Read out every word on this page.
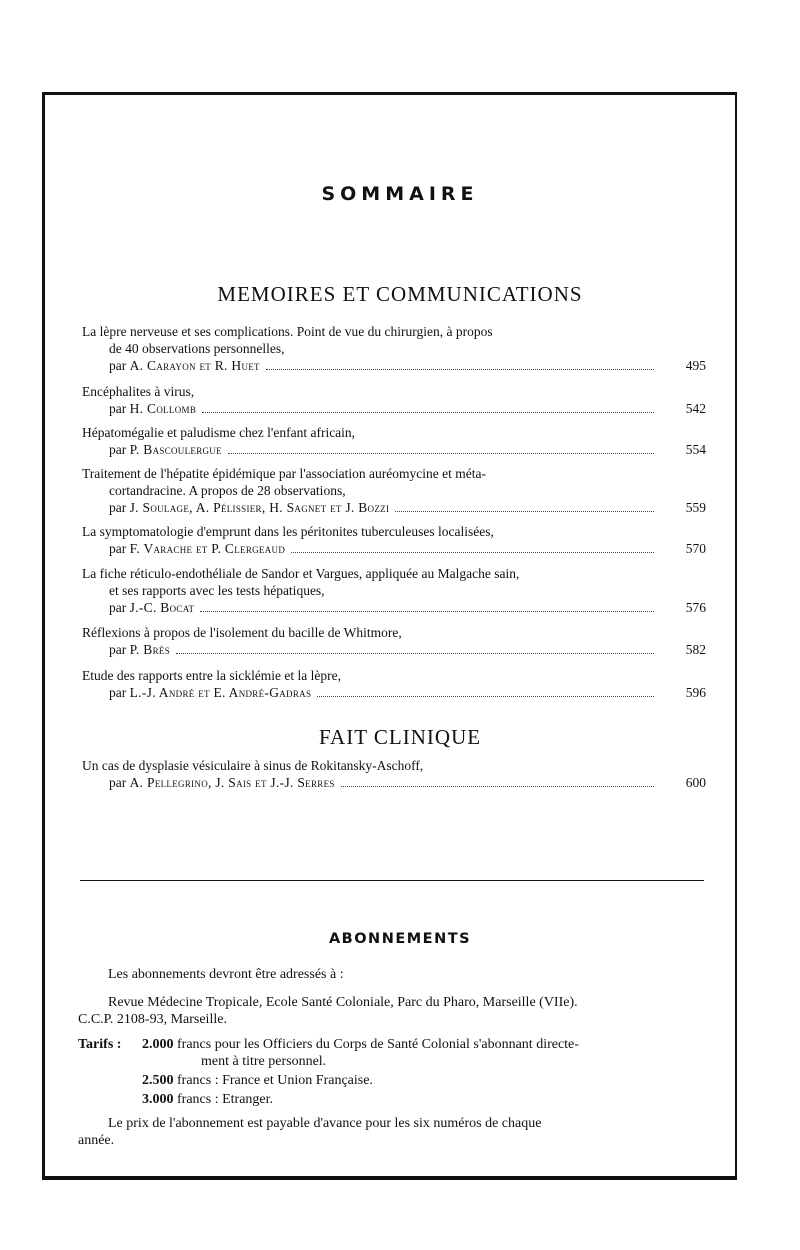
SOMMAIRE
MEMOIRES ET COMMUNICATIONS
La lèpre nerveuse et ses complications. Point de vue du chirurgien, à propos
de 40 observations personnelles,
par A. Carayon et R. Huet	495
Encéphalites à virus,
par H. Collomb	542
Hépatomégalie et paludisme chez l'enfant africain,
par P. Bascoulergue	554
Traitement de l'hépatite épidémique par l'association auréomycine et méta-
cortandracine. A propos de 28 observations,
par J. Soulage, A. Pélissier, H. Sagnet et J. Bozzi	559
La symptomatologie d'emprunt dans les péritonites tuberculeuses localisées,
par F. Varache et P. Clergeaud	570
La fiche réticulo-endothéliale de Sandor et Vargues, appliquée au Malgache sain,
et ses rapports avec les tests hépatiques,
par J.-C. Bocat	576
Réflexions à propos de l'isolement du bacille de Whitmore,
par P. Brès	582
Etude des rapports entre la sicklémie et la lèpre,
par L.-J. André et E. André-Gadras	596
FAIT CLINIQUE
Un cas de dysplasie vésiculaire à sinus de Rokitansky-Aschoff,
par A. Pellegrino, J. Sais et J.-J. Serres	600
ABONNEMENTS
Les abonnements devront être adressés à :
Revue Médecine Tropicale, Ecole Santé Coloniale, Parc du Pharo, Marseille (VIIe).
C.C.P. 2108-93, Marseille.
Tarifs :	2.000 francs pour les Officiers du Corps de Santé Colonial s'abonnant directe-
ment à titre personnel.
2.500 francs : France et Union Française.
3.000 francs : Etranger.
Le prix de l'abonnement est payable d'avance pour les six numéros de chaque
année.
